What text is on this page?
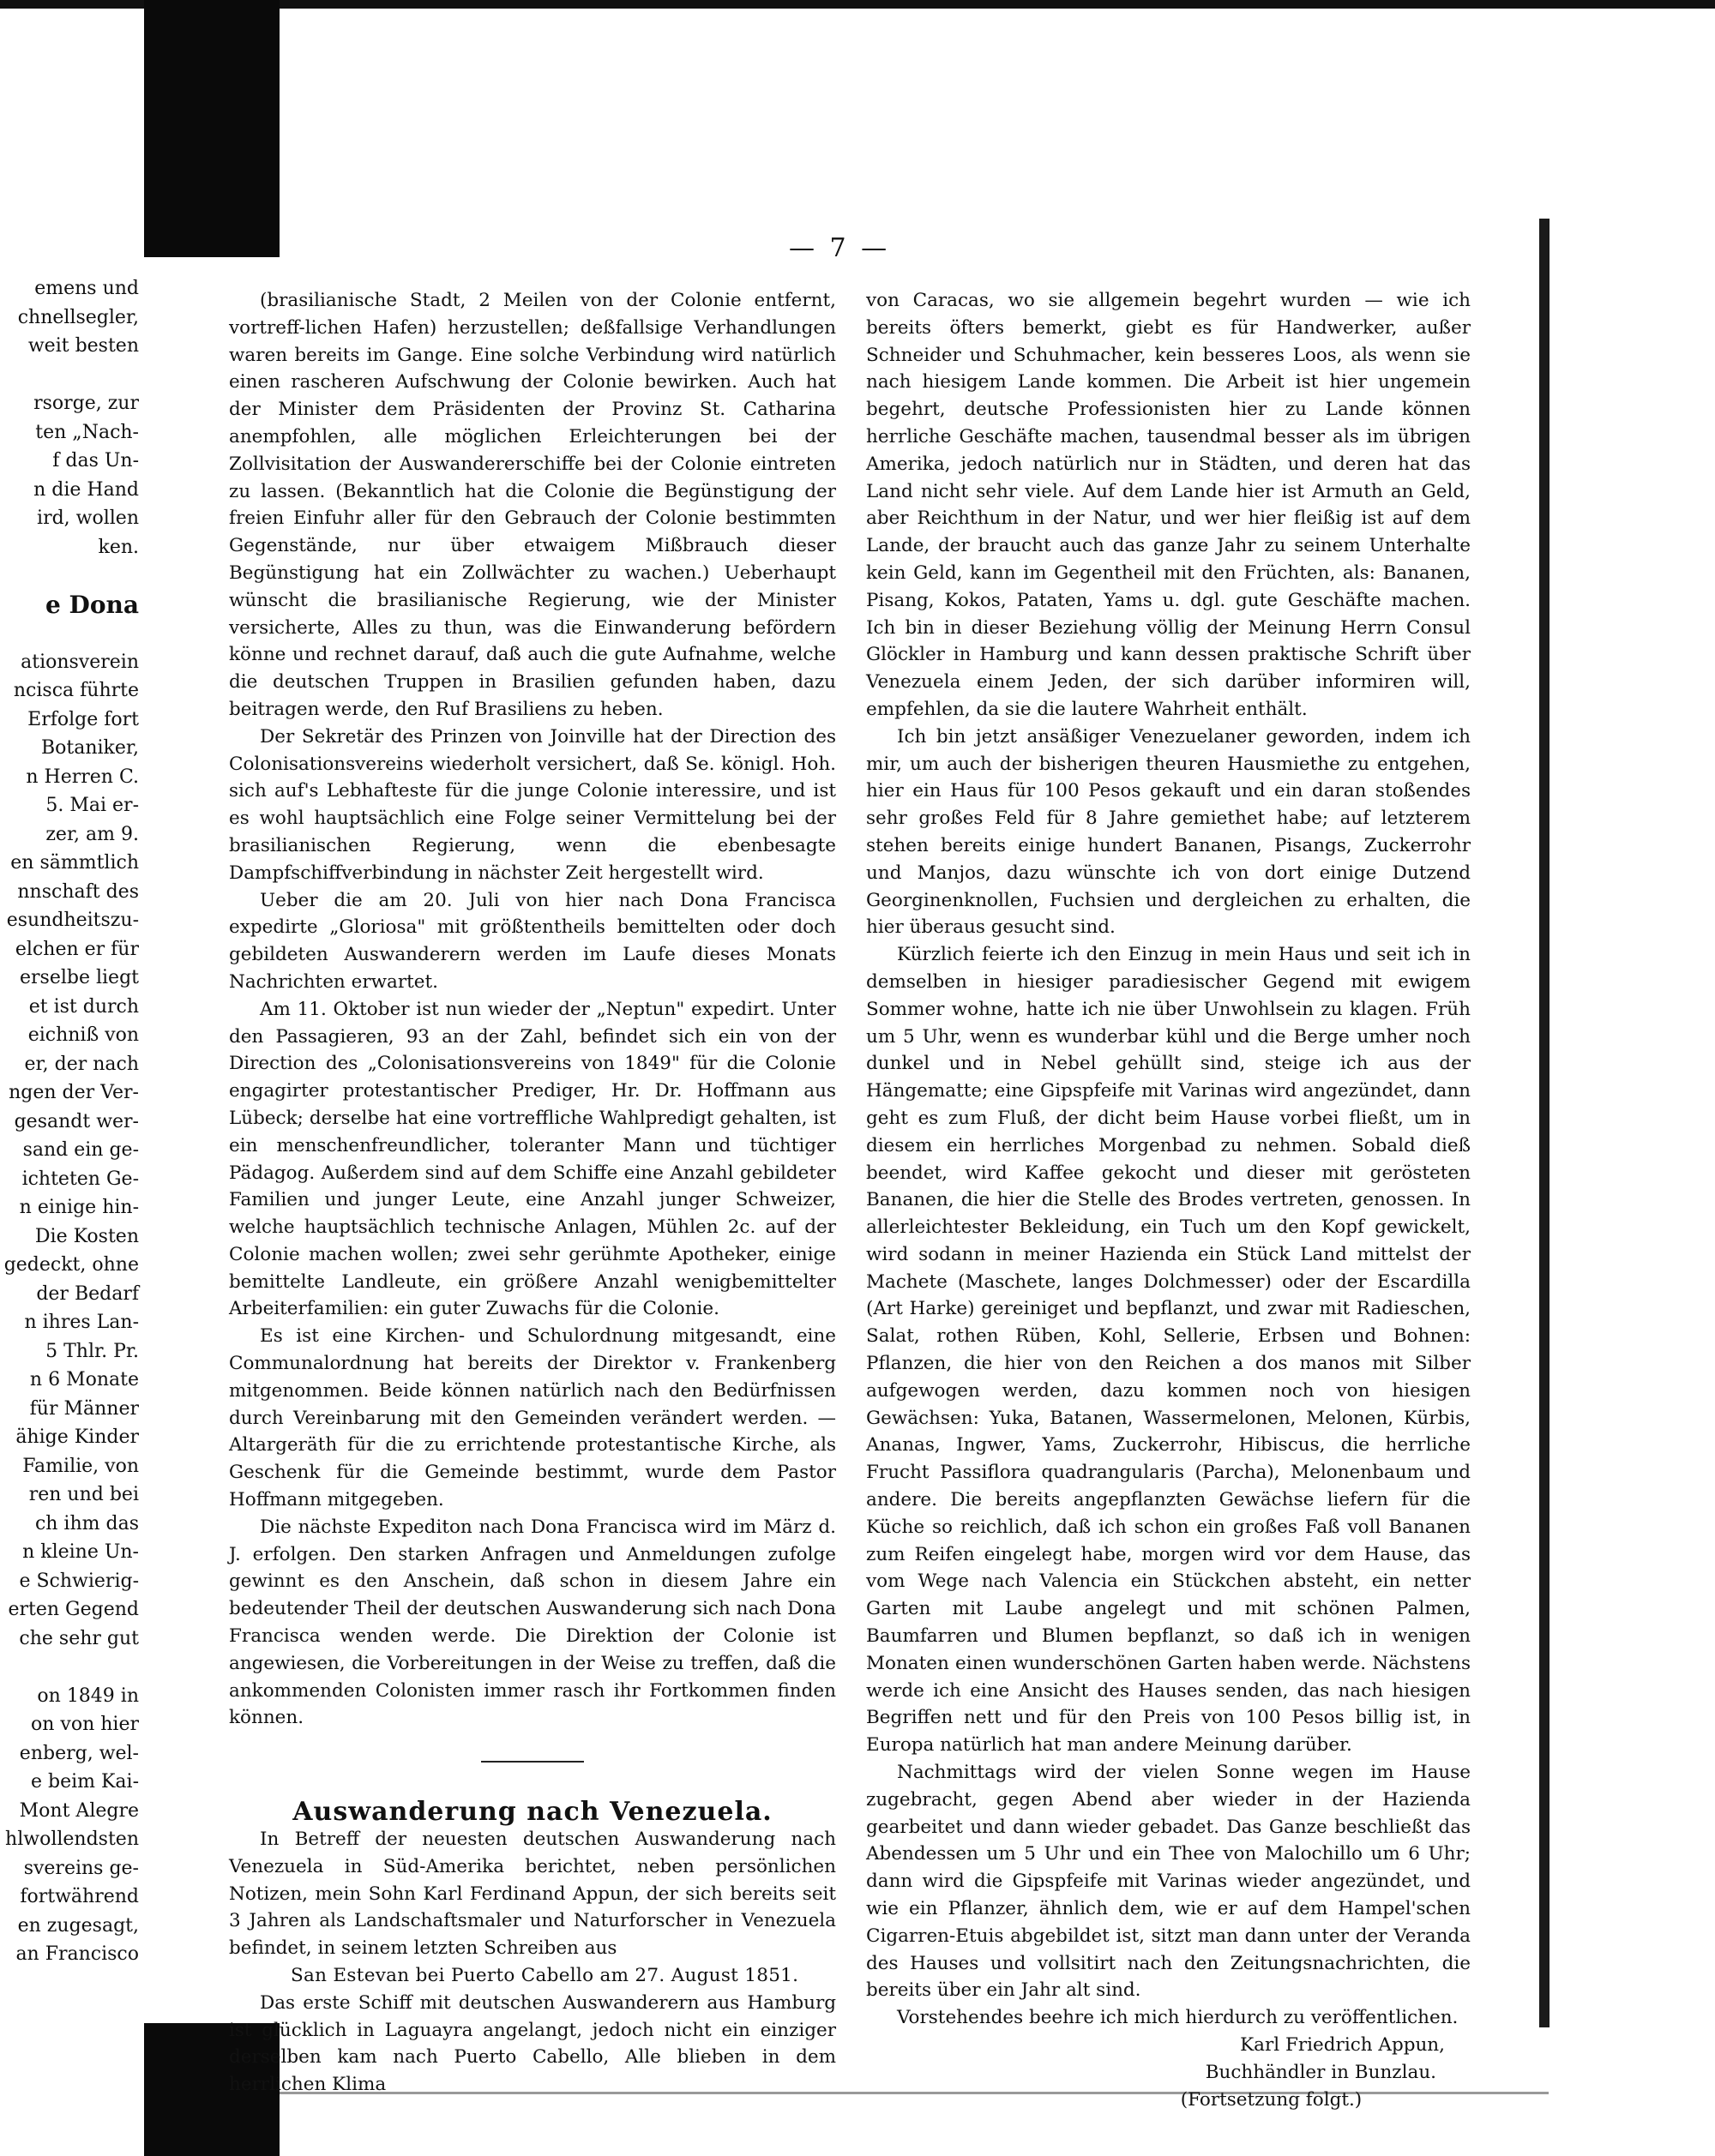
emens und
chnellsegler,
weit besten
rsorge, zur
ten „Nach-
f das Un-
n die Hand
ird, wollen
ken.
e Dona
ationsverein
ncisca führte
Erfolge fort
Botaniker,
n Herren C.
5. Mai er-
zer, am 9.
en sämmtlich
nnschaft des
esundheitszu-
elchen er für
erselbe liegt
et ist durch
eichniß von
er, der nach
ngen der Ver-
gesandt wer-
sand ein ge-
ichteten Ge-
n einige hin-
Die Kosten
gedeckt, ohne
der Bedarf
n ihres Lan-
5 Thlr. Pr.
n 6 Monate
für Männer
ähige Kinder
Familie, von
ren und bei
ch ihm das
n kleine Un-
e Schwierig-
erten Gegend
che sehr gut
on 1849 in
on von hier
enberg, wel-
e beim Kai-
Mont Alegre
hlwollendsten
svereins ge-
fortwährend
en zugesagt,
an Francisco
— 7 —

(brasilianische Stadt, 2 Meilen von der Colonie entfernt, vortreff-lichen Hafen) herzustellen; deßfallsige Verhandlungen waren bereits im Gange. Eine solche Verbindung wird natürlich einen rascheren Aufschwung der Colonie bewirken. Auch hat der Minister dem Präsidenten der Provinz St. Catharina anempfohlen, alle möglichen Erleichterungen bei der Zollvisitation der Auswandererschiffe bei der Colonie eintreten zu lassen. (Bekanntlich hat die Colonie die Begünstigung der freien Einfuhr aller für den Gebrauch der Colonie bestimmten Gegenstände, nur über etwaigem Mißbrauch dieser Begünstigung hat ein Zollwächter zu wachen.) Ueberhaupt wünscht die brasilianische Regierung, wie der Minister versicherte, Alles zu thun, was die Einwanderung befördern könne und rechnet darauf, daß auch die gute Aufnahme, welche die deutschen Truppen in Brasilien gefunden haben, dazu beitragen werde, den Ruf Brasiliens zu heben.

Der Sekretär des Prinzen von Joinville hat der Direction des Colonisationsvereins wiederholt versichert, daß Se. königl. Hoh. sich auf's Lebhafteste für die junge Colonie interessire, und ist es wohl hauptsächlich eine Folge seiner Vermittelung bei der brasilianischen Regierung, wenn die ebenbesagte Dampfschiffverbindung in nächster Zeit hergestellt wird.

Ueber die am 20. Juli von hier nach Dona Francisca expedirte „Gloriosa" mit größtentheils bemittelten oder doch gebildeten Auswanderern werden im Laufe dieses Monats Nachrichten erwartet.

Am 11. Oktober ist nun wieder der „Neptun" expedirt. Unter den Passagieren, 93 an der Zahl, befindet sich ein von der Direction des „Colonisationsvereins von 1849" für die Colonie engagirter protestantischer Prediger, Hr. Dr. Hoffmann aus Lübeck; derselbe hat eine vortreffliche Wahlpredigt gehalten, ist ein menschenfreundlicher, toleranter Mann und tüchtiger Pädagog. Außerdem sind auf dem Schiffe eine Anzahl gebildeter Familien und junger Leute, eine Anzahl junger Schweizer, welche hauptsächlich technische Anlagen, Mühlen 2c. auf der Colonie machen wollen; zwei sehr gerühmte Apotheker, einige bemittelte Landleute, ein größere Anzahl wenigbemittelter Arbeiterfamilien: ein guter Zuwachs für die Colonie.

Es ist eine Kirchen- und Schulordnung mitgesandt, eine Communalordnung hat bereits der Direktor v. Frankenberg mitgenommen. Beide können natürlich nach den Bedürfnissen durch Vereinbarung mit den Gemeinden verändert werden. — Altargeräth für die zu errichtende protestantische Kirche, als Geschenk für die Gemeinde bestimmt, wurde dem Pastor Hoffmann mitgegeben.

Die nächste Expediton nach Dona Francisca wird im März d. J. erfolgen. Den starken Anfragen und Anmeldungen zufolge gewinnt es den Anschein, daß schon in diesem Jahre ein bedeutender Theil der deutschen Auswanderung sich nach Dona Francisca wenden werde. Die Direktion der Colonie ist angewiesen, die Vorbereitungen in der Weise zu treffen, daß die ankommenden Colonisten immer rasch ihr Fortkommen finden können.

Auswanderung nach Venezuela.

In Betreff der neuesten deutschen Auswanderung nach Venezuela in Süd-Amerika berichtet, neben persönlichen Notizen, mein Sohn Karl Ferdinand Appun, der sich bereits seit 3 Jahren als Landschaftsmaler und Naturforscher in Venezuela befindet, in seinem letzten Schreiben aus

San Estevan bei Puerto Cabello am 27. August 1851.

Das erste Schiff mit deutschen Auswanderern aus Hamburg ist glücklich in Laguayra angelangt, jedoch nicht ein einziger derselben kam nach Puerto Cabello, Alle blieben in dem herrlichen Klima

von Caracas, wo sie allgemein begehrt wurden — wie ich bereits öfters bemerkt, giebt es für Handwerker, außer Schneider und Schuhmacher, kein besseres Loos, als wenn sie nach hiesigem Lande kommen. Die Arbeit ist hier ungemein begehrt, deutsche Professionisten hier zu Lande können herrliche Geschäfte machen, tausendmal besser als im übrigen Amerika, jedoch natürlich nur in Städten, und deren hat das Land nicht sehr viele. Auf dem Lande hier ist Armuth an Geld, aber Reichthum in der Natur, und wer hier fleißig ist auf dem Lande, der braucht auch das ganze Jahr zu seinem Unterhalte kein Geld, kann im Gegentheil mit den Früchten, als: Bananen, Pisang, Kokos, Pataten, Yams u. dgl. gute Geschäfte machen. Ich bin in dieser Beziehung völlig der Meinung Herrn Consul Glöckler in Hamburg und kann dessen praktische Schrift über Venezuela einem Jeden, der sich darüber informiren will, empfehlen, da sie die lautere Wahrheit enthält.

Ich bin jetzt ansäßiger Venezuelaner geworden, indem ich mir, um auch der bisherigen theuren Hausmiethe zu entgehen, hier ein Haus für 100 Pesos gekauft und ein daran stoßendes sehr großes Feld für 8 Jahre gemiethet habe; auf letzterem stehen bereits einige hundert Bananen, Pisangs, Zuckerrohr und Manjos, dazu wünschte ich von dort einige Dutzend Georginenknollen, Fuchsien und dergleichen zu erhalten, die hier überaus gesucht sind.

Kürzlich feierte ich den Einzug in mein Haus und seit ich in demselben in hiesiger paradiesischer Gegend mit ewigem Sommer wohne, hatte ich nie über Unwohlsein zu klagen. Früh um 5 Uhr, wenn es wunderbar kühl und die Berge umher noch dunkel und in Nebel gehüllt sind, steige ich aus der Hängematte; eine Gipspfeife mit Varinas wird angezündet, dann geht es zum Fluß, der dicht beim Hause vorbei fließt, um in diesem ein herrliches Morgenbad zu nehmen. Sobald dieß beendet, wird Kaffee gekocht und dieser mit gerösteten Bananen, die hier die Stelle des Brodes vertreten, genossen. In allerleichtester Bekleidung, ein Tuch um den Kopf gewickelt, wird sodann in meiner Hazienda ein Stück Land mittelst der Machete (Maschete, langes Dolchmesser) oder der Escardilla (Art Harke) gereiniget und bepflanzt, und zwar mit Radieschen, Salat, rothen Rüben, Kohl, Sellerie, Erbsen und Bohnen: Pflanzen, die hier von den Reichen a dos manos mit Silber aufgewogen werden, dazu kommen noch von hiesigen Gewächsen: Yuka, Batanen, Wassermelonen, Melonen, Kürbis, Ananas, Ingwer, Yams, Zuckerrohr, Hibiscus, die herrliche Frucht Passiflora quadrangularis (Parcha), Melonenbaum und andere. Die bereits angepflanzten Gewächse liefern für die Küche so reichlich, daß ich schon ein großes Faß voll Bananen zum Reifen eingelegt habe, morgen wird vor dem Hause, das vom Wege nach Valencia ein Stückchen absteht, ein netter Garten mit Laube angelegt und mit schönen Palmen, Baumfarren und Blumen bepflanzt, so daß ich in wenigen Monaten einen wunderschönen Garten haben werde. Nächstens werde ich eine Ansicht des Hauses senden, das nach hiesigen Begriffen nett und für den Preis von 100 Pesos billig ist, in Europa natürlich hat man andere Meinung darüber.

Nachmittags wird der vielen Sonne wegen im Hause zugebracht, gegen Abend aber wieder in der Hazienda gearbeitet und dann wieder gebadet. Das Ganze beschließt das Abendessen um 5 Uhr und ein Thee von Malochillo um 6 Uhr; dann wird die Gipspfeife mit Varinas wieder angezündet, und wie ein Pflanzer, ähnlich dem, wie er auf dem Hampel'schen Cigarren-Etuis abgebildet ist, sitzt man dann unter der Veranda des Hauses und vollsitirt nach den Zeitungsnachrichten, die bereits über ein Jahr alt sind.

Vorstehendes beehre ich mich hierdurch zu veröffentlichen.

Karl Friedrich Appun,

Buchhändler in Bunzlau.

(Fortsetzung folgt.)
